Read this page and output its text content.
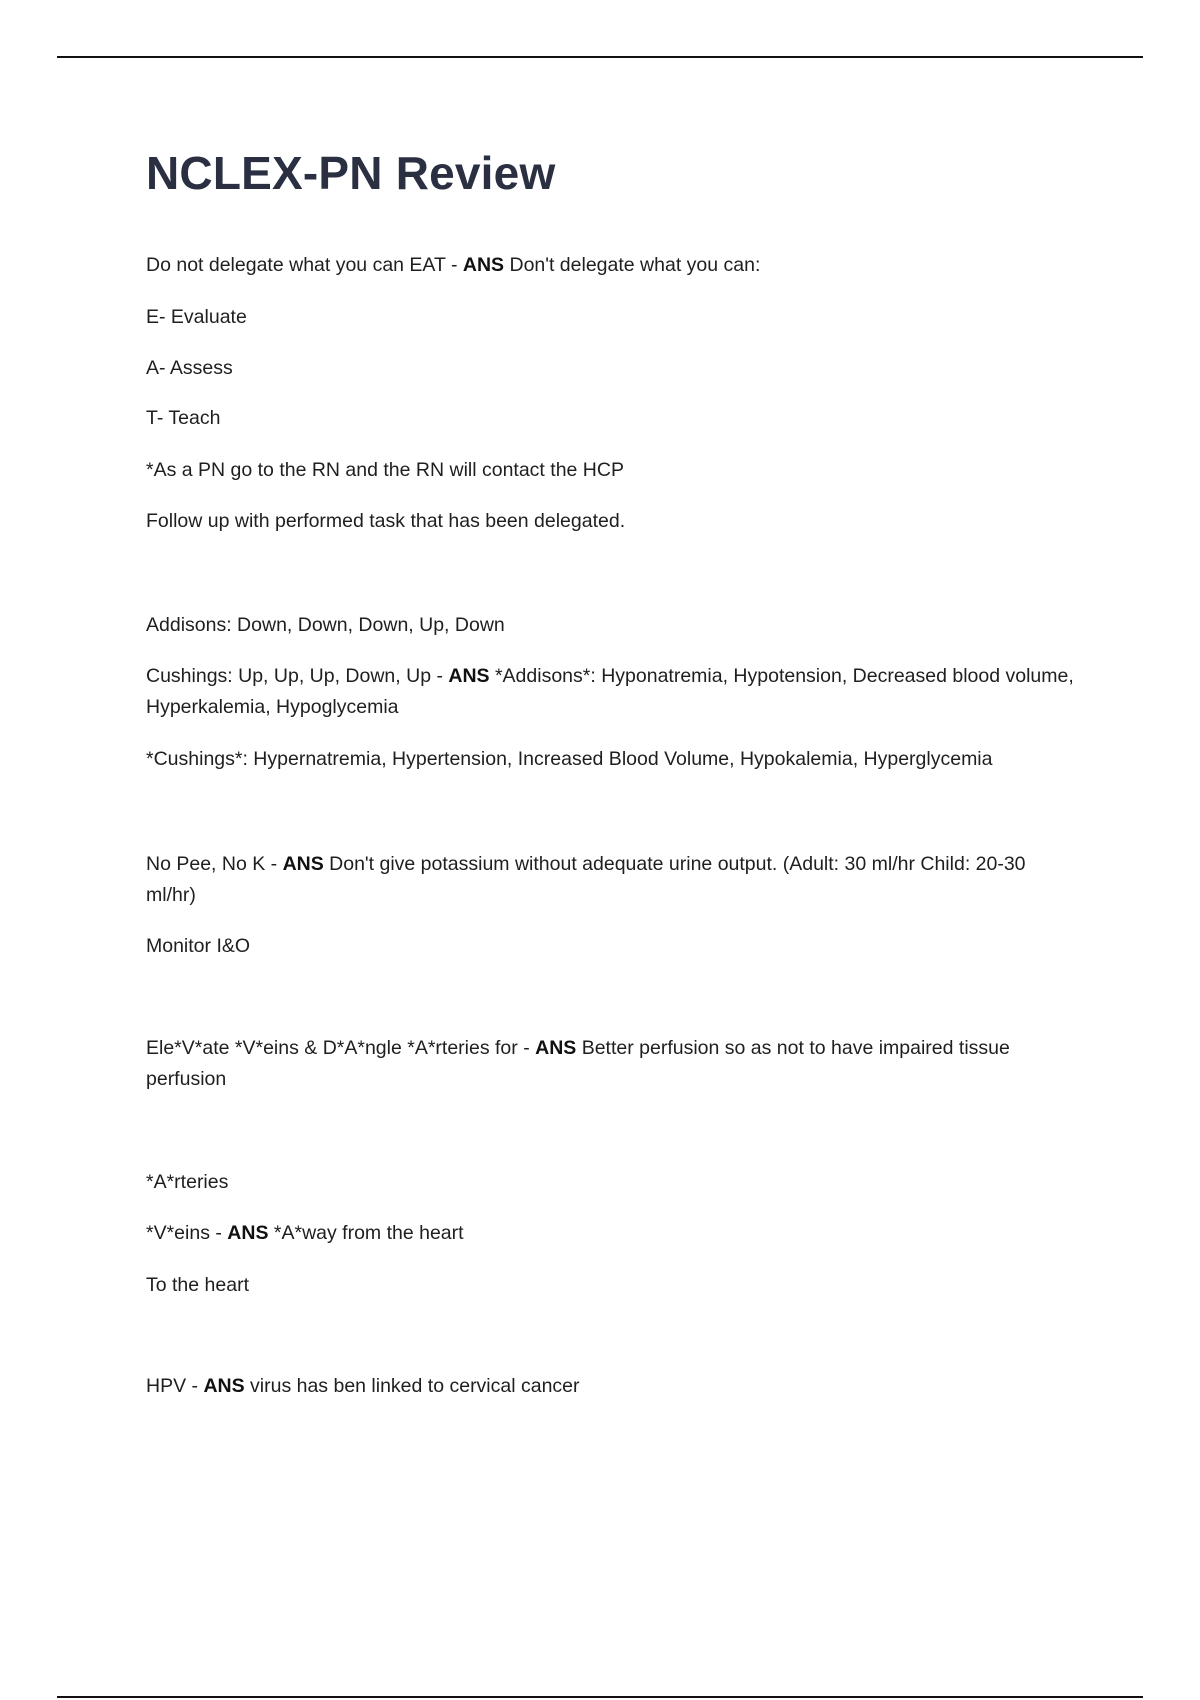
NCLEX-PN Review

Do not delegate what you can EAT - ANS Don't delegate what you can:

E- Evaluate

A- Assess

T- Teach

*As a PN go to the RN and the RN will contact the HCP

Follow up with performed task that has been delegated.

Addisons: Down, Down, Down, Up, Down

Cushings: Up, Up, Up, Down, Up - ANS *Addisons*: Hyponatremia, Hypotension, Decreased blood volume, Hyperkalemia, Hypoglycemia

*Cushings*: Hypernatremia, Hypertension, Increased Blood Volume, Hypokalemia, Hyperglycemia

No Pee, No K - ANS Don't give potassium without adequate urine output. (Adult: 30 ml/hr Child: 20-30 ml/hr)

Monitor I&O

Ele*V*ate *V*eins & D*A*ngle *A*rteries for - ANS Better perfusion so as not to have impaired tissue perfusion

*A*rteries

*V*eins - ANS *A*way from the heart

To the heart

HPV - ANS virus has ben linked to cervical cancer
